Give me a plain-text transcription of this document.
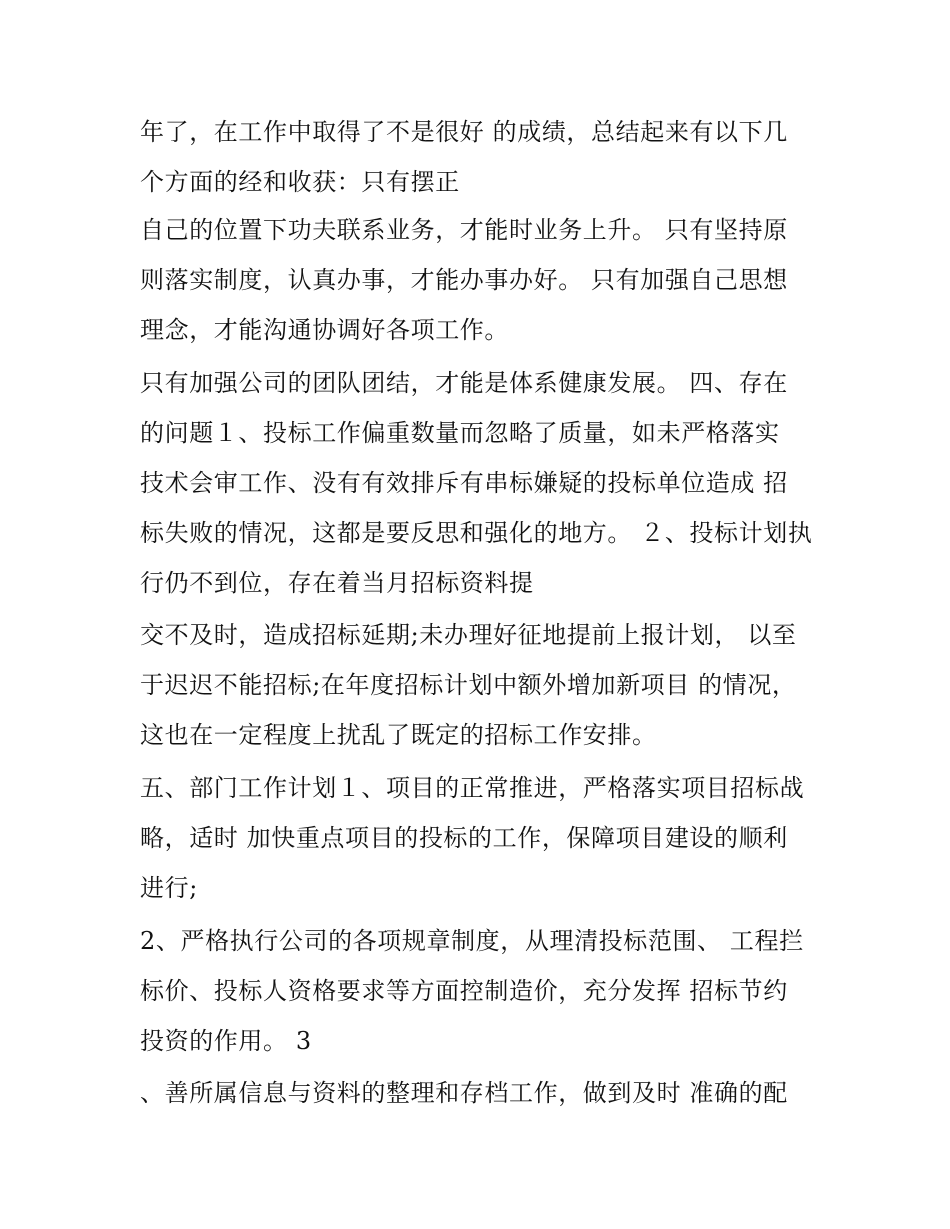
年了，在工作中取得了不是很好 的成绩，总结起来有以下几
个方面的经和收获：只有摆正
自己的位置下功夫联系业务，才能时业务上升。 只有坚持原
则落实制度，认真办事，才能办事办好。 只有加强自己思想
理念，才能沟通协调好各项工作。
只有加强公司的团队团结，才能是体系健康发展。 四、存在
的问题１、投标工作偏重数量而忽略了质量，如未严格落实
技术会审工作、没有有效排斥有串标嫌疑的投标单位造成 招
标失败的情况，这都是要反思和强化的地方。 ２、投标计划执
行仍不到位，存在着当月招标资料提
交不及时，造成招标延期;未办理好征地提前上报计划， 以至
于迟迟不能招标;在年度招标计划中额外增加新项目 的情况，
这也在一定程度上扰乱了既定的招标工作安排。
五、部门工作计划１、项目的正常推进，严格落实项目招标战
略，适时 加快重点项目的投标的工作，保障项目建设的顺利
进行;
2、严格执行公司的各项规章制度，从理清投标范围、 工程拦
标价、投标人资格要求等方面控制造价，充分发挥 招标节约
投资的作用。 3
、善所属信息与资料的整理和存档工作，做到及时 准确的配
